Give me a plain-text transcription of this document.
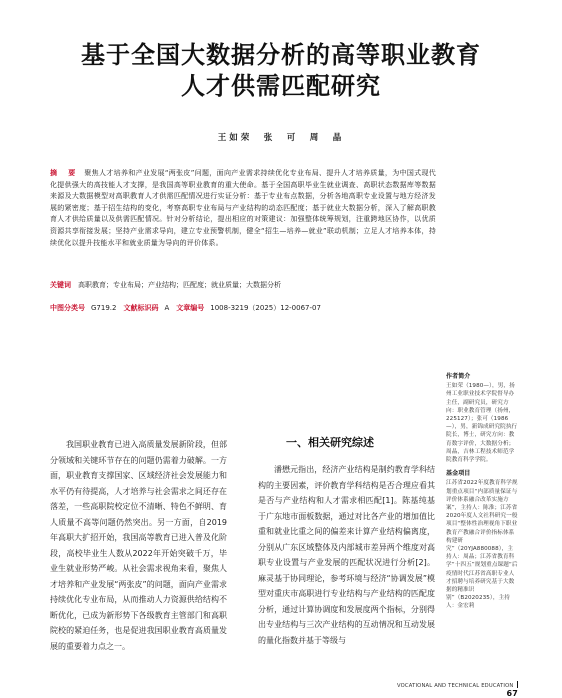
基于全国大数据分析的高等职业教育
人才供需匹配研究
王如荣　张　可　周　晶
摘　要 聚焦人才培养和产业发展“两张皮”问题，面向产业需求持续优化专业布局、提升人才培养质量，为中国式现代化提供强大的高技能人才支撑，是我国高等职业教育的重大使命。基于全国高职毕业生就业调查、高职状态数据库等数据来源及大数据模型对高职教育人才供需匹配情况进行实证分析：基于专业布点数据，分析各地高职专业设置与地方经济发展的紧密度；基于招生结构的变化，考察高职专业布局与产业结构的动态匹配度；基于就业大数据分析，深入了解高职教育人才供给质量以及供需匹配情况。针对分析结论，提出相应的对策建议：加强整体统筹规划，注重跨地区协作，以优质资源共享衔接发展；坚持产业需求导向，建立专业预警机制，健全“招生—培养—就业”联动机制；立足人才培养本体，持续优化以提升技能水平和就业质量为导向的评价体系。
关键词 高职教育；专业布局；产业结构；匹配度；就业质量；大数据分析
中图分类号 G719.2 文献标识码 A 文章编号 1008-3219（2025）12-0067-07
作者简介
王如荣（1980—），男，扬州工业职业技术学院督导办主任，副研究员，研究方向：职业教育管理（扬州，225127）；张可（1986—），男，新锦成研究院执行院长，博士，研究方向：教育数字评价，大数据分析；周晶，吉林工程技术师范学院教育科学学院。
基金项目
江苏省2022年度教育科学规划重点项目“内部质量保证与评价体系融合改革实施方案”，主持人：陈淮；江苏省2020年度人文社科研究一般项目“整体性治理视角下职业教育产教融合评价指标体系构建研究”（20YJA880088），主持人：周晶；江苏省教育科学“十四五”规划重点课题“后疫情时代江苏省高职专业人才招聘与培养研究基于大数据的精准识别”（B2020235），主持人：金宏莉

我国职业教育已进入高质量发展新阶段，但部分领域和关键环节存在的问题仍需着力破解。一方面，职业教育支撑国家、区域经济社会发展能力和水平仍有待提高，人才培养与社会需求之间还存在落差，一些高职院校定位不清晰、特色不鲜明、育人质量不高等问题仍然突出。另一方面，自2019年高职大扩招开始，我国高等教育已进入普及化阶段，高校毕业生人数从2022年开始突破千万，毕业生就业形势严峻。从社会需求视角来看，聚焦人才培养和产业发展“两张皮”的问题，面向产业需求持续优化专业布局，从而推动人力资源供给结构不断优化，已成为新形势下各级教育主管部门和高职院校的紧迫任务，也是促进我国职业教育高质量发展的重要着力点之一。

一、相关研究综述

潘懋元指出，经济产业结构是制约教育学科结构的主要因素，评价教育学科结构是否合理应看其是否与产业结构和人才需求相匹配[1]。陈基纯基于广东地市面板数据，通过对比各产业的增加值比重和就业比重之间的偏差来计算产业结构偏离度，分别从广东区域整体及内部城市差异两个维度对高职专业设置与产业发展的匹配状况进行分析[2]。麻灵基于协同理论，参考环境与经济“协调发展”模型对重庆市高职进行专业结构与产业结构的匹配度分析，通过计算协调度和发展度两个指标，分别得出专业结构与三次产业结构的互动情况和互动发展的量化指数并基于等级与

VOCATIONAL AND TECHNICAL EDUCATION67
